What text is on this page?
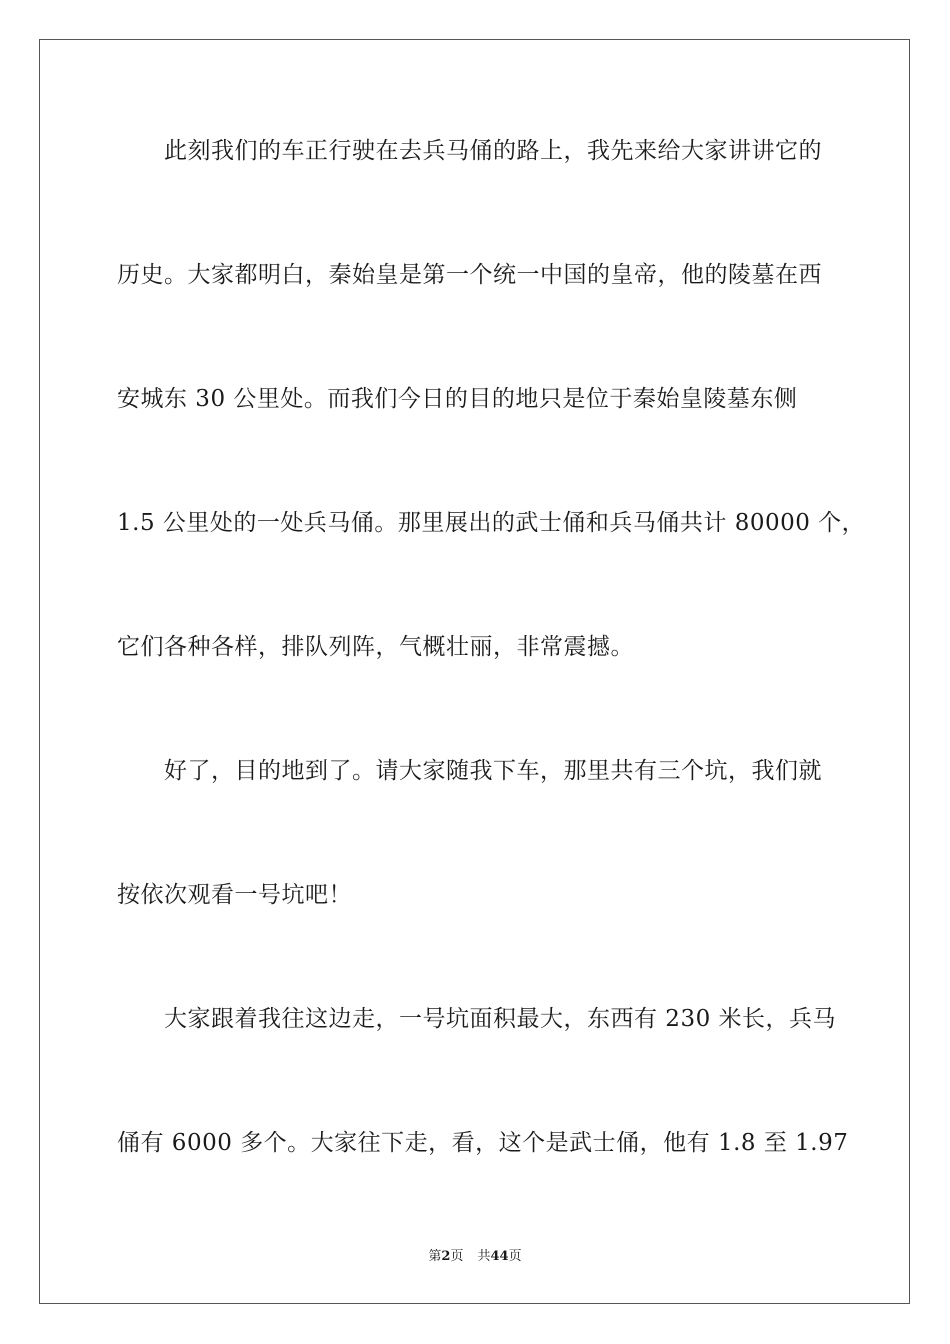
此刻我们的车正行驶在去兵马俑的路上，我先来给大家讲讲它的
历史。大家都明白，秦始皇是第一个统一中国的皇帝，他的陵墓在西
安城东 30 公里处。而我们今日的目的地只是位于秦始皇陵墓东侧
1.5 公里处的一处兵马俑。那里展出的武士俑和兵马俑共计 80000 个，
它们各种各样，排队列阵，气概壮丽，非常震撼。
好了，目的地到了。请大家随我下车，那里共有三个坑，我们就
按依次观看一号坑吧！
大家跟着我往这边走，一号坑面积最大，东西有 230 米长，兵马
俑有 6000 多个。大家往下走，看，这个是武士俑，他有 1.8 至 1.97
第2页 共44页
